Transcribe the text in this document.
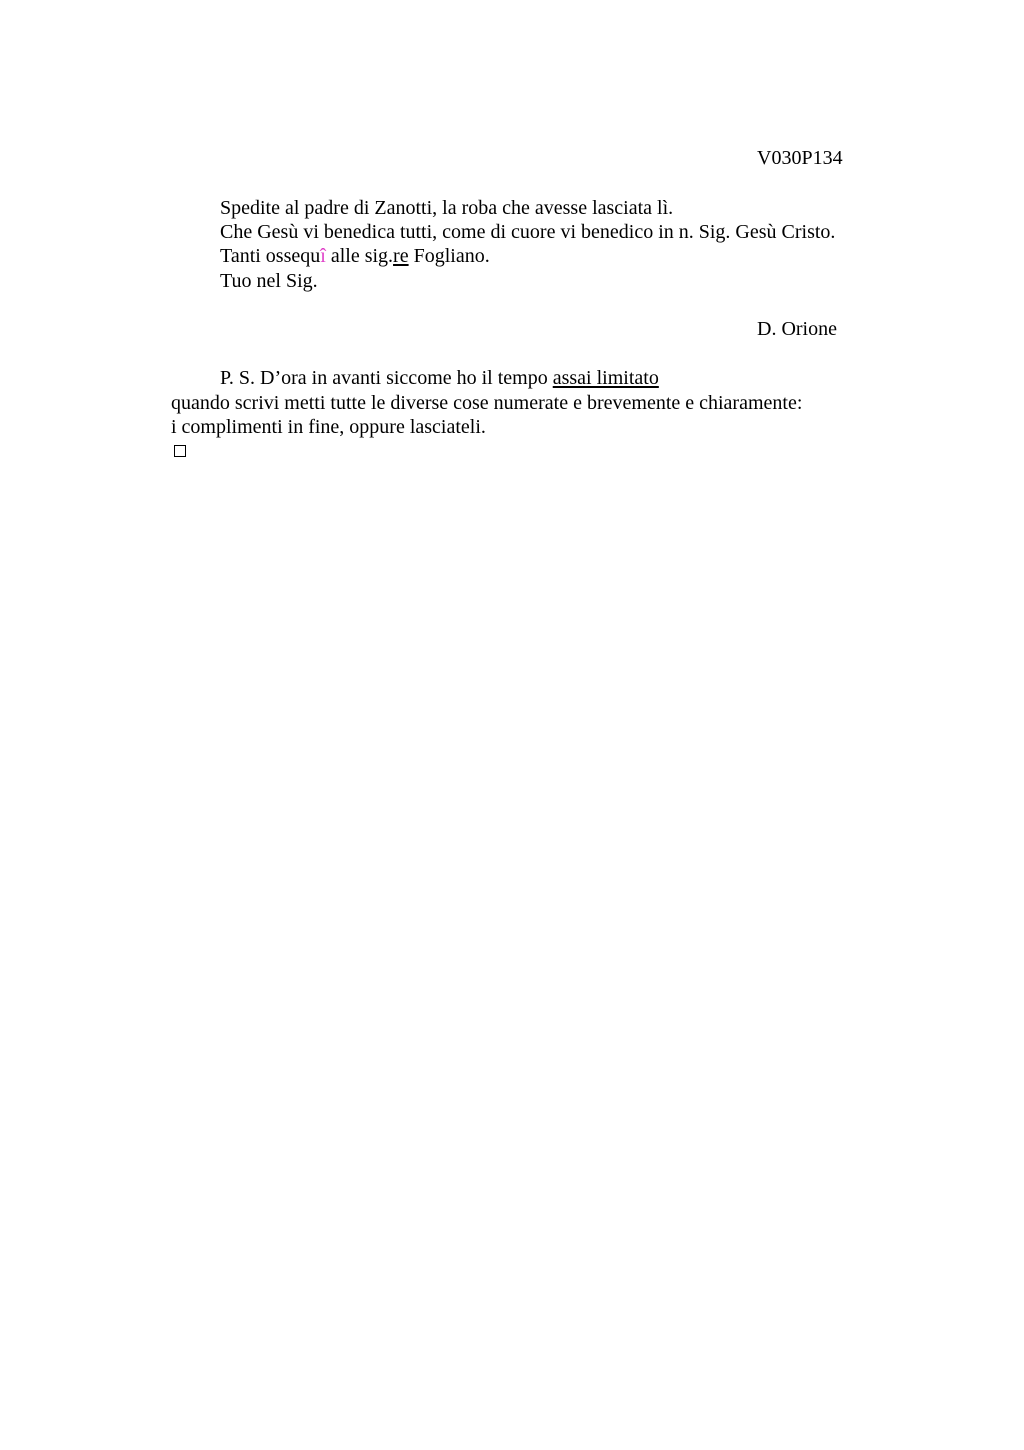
V030P134
Spedite al padre di Zanotti, la roba che avesse lasciata lì.
Che Gesù vi benedica tutti, come di cuore vi benedico in n. Sig. Gesù Cristo.
Tanti ossequî alle sig.re Fogliano.
Tuo nel Sig.
D. Orione
P. S. D’ora in avanti siccome ho il tempo assai limitato
quando scrivi metti tutte le diverse cose numerate e brevemente e chiaramente:
i complimenti in fine, oppure lasciateli.
